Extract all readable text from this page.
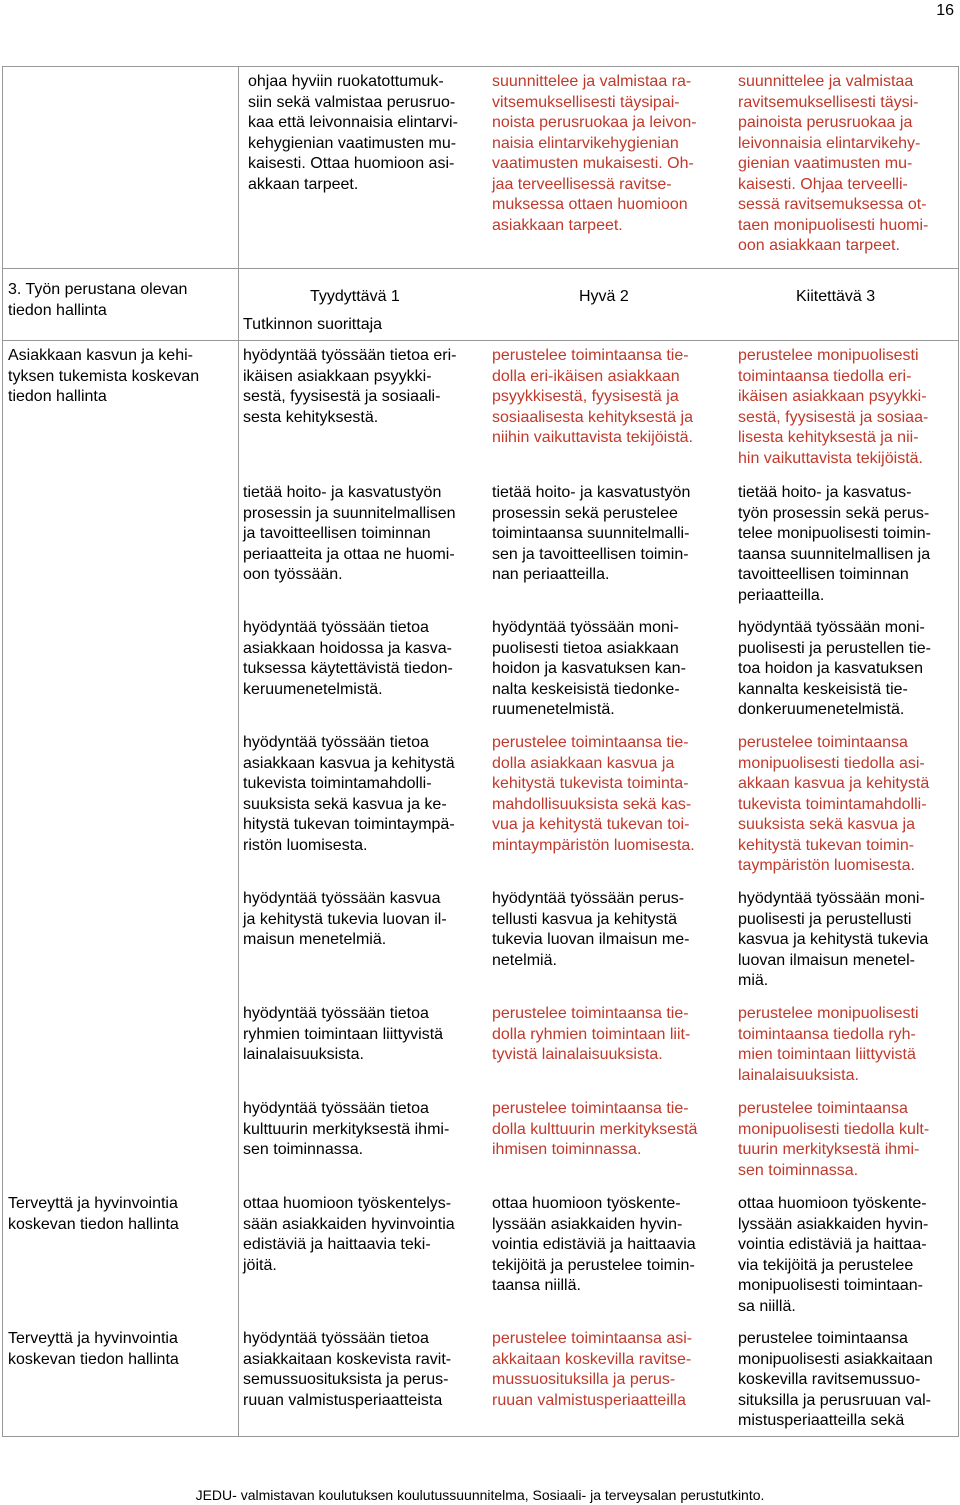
16
ohjaa hyviin ruokatottumuk-
siin sekä valmistaa perusruo-
kaa että leivonnaisia elintarvi-
kehygienian vaatimusten mu-
kaisesti. Ottaa huomioon asi-
akkaan tarpeet.
suunnittelee ja valmistaa ra-
vitsemuksellisesti täysipai-
noista perusruokaa ja leivon-
naisia elintarvikehygienian
vaatimusten mukaisesti. Oh-
jaa terveellisessä ravitse-
muksessa ottaen huomioon
asiakkaan tarpeet.
suunnittelee ja valmistaa
ravitsemuksellisesti täysi-
painoista perusruokaa ja
leivonnaisia elintarvikehy-
gienian vaatimusten mu-
kaisesti. Ohjaa terveelli-
sessä ravitsemuksessa ot-
taen monipuolisesti huomi-
oon asiakkaan tarpeet.
3. Työn perustana olevan
tiedon hallinta
Tyydyttävä 1	Hyvä 2	Kiitettävä 3
Tutkinnon suorittaja
Asiakkaan kasvun ja kehi-
tyksen tukemista koskevan
tiedon hallinta
Terveyttä ja hyvinvointia
koskevan tiedon hallinta
Terveyttä ja hyvinvointia
koskevan tiedon hallinta
hyödyntää työssään tietoa eri-
ikäisen asiakkaan psyykki-
sestä, fyysisestä ja sosiaali-
sesta kehityksestä.
perustelee toimintaansa tie-
dolla eri-ikäisen asiakkaan
psyykkisestä, fyysisestä ja
sosiaalisesta kehityksestä ja
niihin vaikuttavista tekijöistä.
perustelee monipuolisesti
toimintaansa tiedolla eri-
ikäisen asiakkaan psyykki-
sestä, fyysisestä ja sosiaa-
lisesta kehityksestä ja nii-
hin vaikuttavista tekijöistä.
tietää hoito- ja kasvatustyön
prosessin ja suunnitelmallisen
ja tavoitteellisen toiminnan
periaatteita ja ottaa ne huomi-
oon työssään.
tietää hoito- ja kasvatustyön
prosessin sekä perustelee
toimintaansa suunnitelmalli-
sen ja tavoitteellisen toimin-
nan periaatteilla.
tietää hoito- ja kasvatus-
työn prosessin sekä perus-
telee monipuolisesti toimin-
taansa suunnitelmallisen ja
tavoitteellisen toiminnan
periaatteilla.
hyödyntää työssään tietoa
asiakkaan hoidossa ja kasva-
tuksessa käytettävistä tiedon-
keruumenetelmistä.
hyödyntää työssään moni-
puolisesti tietoa asiakkaan
hoidon ja kasvatuksen kan-
nalta keskeisistä tiedonke-
ruumenetelmistä.
hyödyntää työssään moni-
puolisesti ja perustellen tie-
toa hoidon ja kasvatuksen
kannalta keskeisistä tie-
donkeruumenetelmistä.
hyödyntää työssään tietoa
asiakkaan kasvua ja kehitystä
tukevista toimintamahdolli-
suuksista sekä kasvua ja ke-
hitystä tukevan toimintaympä-
ristön luomisesta.
perustelee toimintaansa tie-
dolla asiakkaan kasvua ja
kehitystä tukevista toiminta-
mahdollisuuksista sekä kas-
vua ja kehitystä tukevan toi-
mintaympäristön luomisesta.
perustelee toimintaansa
monipuolisesti tiedolla asi-
akkaan kasvua ja kehitystä
tukevista toimintamahdolli-
suuksista sekä kasvua ja
kehitystä tukevan toimin-
taympäristön luomisesta.
hyödyntää työssään kasvua
ja kehitystä tukevia luovan il-
maisun menetelmiä.
hyödyntää työssään perus-
tellusti kasvua ja kehitystä
tukevia luovan ilmaisun me-
netelmiä.
hyödyntää työssään moni-
puolisesti ja perustellusti
kasvua ja kehitystä tukevia
luovan ilmaisun menetel-
miä.
hyödyntää työssään tietoa
ryhmien toimintaan liittyvistä
lainalaisuuksista.
perustelee toimintaansa tie-
dolla ryhmien toimintaan liit-
tyvistä lainalaisuuksista.
perustelee monipuolisesti
toimintaansa tiedolla ryh-
mien toimintaan liittyvistä
lainalaisuuksista.
hyödyntää työssään tietoa
kulttuurin merkityksestä ihmi-
sen toiminnassa.
perustelee toimintaansa tie-
dolla kulttuurin merkityksestä
ihmisen toiminnassa.
perustelee toimintaansa
monipuolisesti tiedolla kult-
tuurin merkityksestä ihmi-
sen toiminnassa.
ottaa huomioon työskentelys-
sään asiakkaiden hyvinvointia
edistäviä ja haittaavia teki-
jöitä.
ottaa huomioon työskente-
lyssään asiakkaiden hyvin-
vointia edistäviä ja haittaavia
tekijöitä ja perustelee toimin-
taansa niillä.
ottaa huomioon työskente-
lyssään asiakkaiden hyvin-
vointia edistäviä ja haittaa-
via tekijöitä ja perustelee
monipuolisesti toimintaan-
sa niillä.
hyödyntää työssään tietoa
asiakkaitaan koskevista ravit-
semussuosituksista ja perus-
ruuan valmistusperiaatteista
perustelee toimintaansa asi-
akkaitaan koskevilla ravitse-
mussuosituksilla ja perus-
ruuan valmistusperiaatteilla
perustelee toimintaansa
monipuolisesti asiakkaitaan
koskevilla ravitsemussuo-
situksilla ja perusruuan val-
mistusperiaatteilla sekä
JEDU- valmistavan koulutuksen koulutussuunnitelma, Sosiaali- ja terveysalan perustutkinto.
